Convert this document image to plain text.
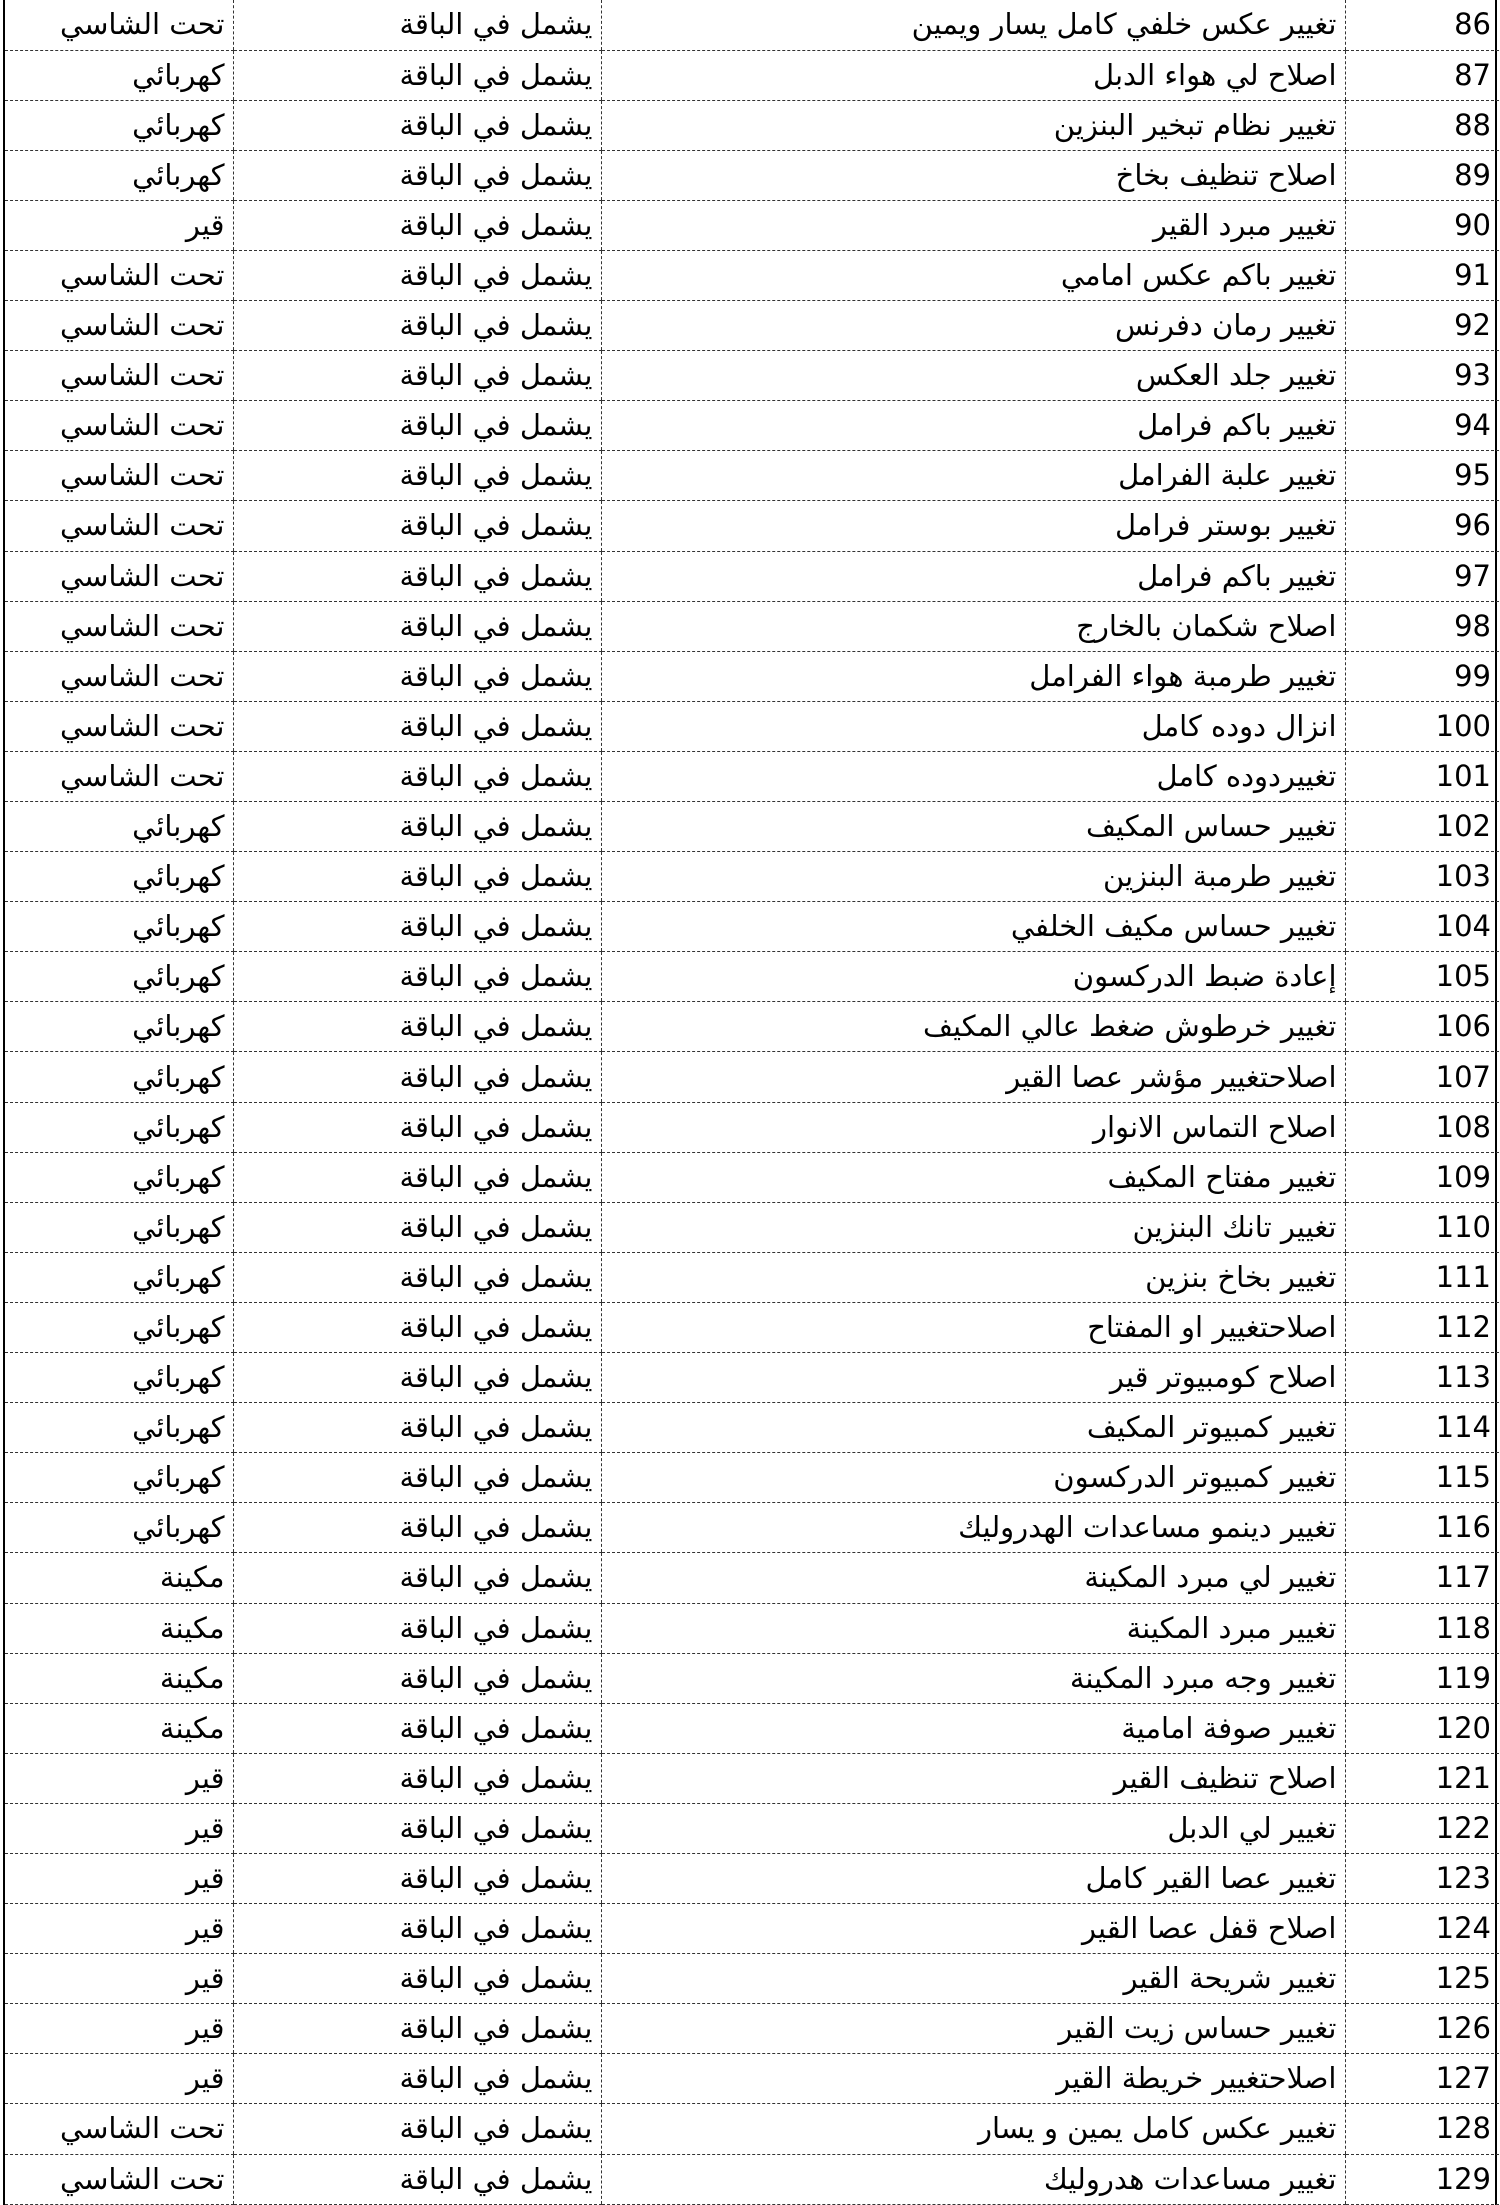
تحت الشاسي	يشمل في الباقة	تغيير عكس خلفي كامل يسار ويمين	86
كهربائي	يشمل في الباقة	اصلاح لي هواء الدبل	87
كهربائي	يشمل في الباقة	تغيير نظام تبخير البنزين	88
كهربائي	يشمل في الباقة	اصلاح تنظيف بخاخ	89
قير	يشمل في الباقة	تغيير مبرد القير	90
تحت الشاسي	يشمل في الباقة	تغيير باكم عكس امامي	91
تحت الشاسي	يشمل في الباقة	تغيير رمان دفرنس	92
تحت الشاسي	يشمل في الباقة	تغيير جلد العكس	93
تحت الشاسي	يشمل في الباقة	تغيير باكم فرامل	94
تحت الشاسي	يشمل في الباقة	تغيير علبة الفرامل	95
تحت الشاسي	يشمل في الباقة	تغيير بوستر فرامل	96
تحت الشاسي	يشمل في الباقة	تغيير باكم فرامل	97
تحت الشاسي	يشمل في الباقة	اصلاح شكمان بالخارج	98
تحت الشاسي	يشمل في الباقة	تغيير طرمبة هواء الفرامل	99
تحت الشاسي	يشمل في الباقة	انزال دوده كامل	100
تحت الشاسي	يشمل في الباقة	تغييردوده كامل	101
كهربائي	يشمل في الباقة	تغيير حساس المكيف	102
كهربائي	يشمل في الباقة	تغيير طرمبة البنزين	103
كهربائي	يشمل في الباقة	تغيير حساس مكيف الخلفي	104
كهربائي	يشمل في الباقة	إعادة ضبط الدركسون	105
كهربائي	يشمل في الباقة	تغيير خرطوش ضغط عالي المكيف	106
كهربائي	يشمل في الباقة	اصلاحتغيير مؤشر عصا القير	107
كهربائي	يشمل في الباقة	اصلاح التماس الانوار	108
كهربائي	يشمل في الباقة	تغيير مفتاح المكيف	109
كهربائي	يشمل في الباقة	تغيير تانك البنزين	110
كهربائي	يشمل في الباقة	تغيير بخاخ بنزين	111
كهربائي	يشمل في الباقة	اصلاحتغيير او المفتاح	112
كهربائي	يشمل في الباقة	اصلاح كومبيوتر قير	113
كهربائي	يشمل في الباقة	تغيير كمبيوتر المكيف	114
كهربائي	يشمل في الباقة	تغيير كمبيوتر الدركسون	115
كهربائي	يشمل في الباقة	تغيير دينمو مساعدات الهدروليك	116
مكينة	يشمل في الباقة	تغيير لي مبرد المكينة	117
مكينة	يشمل في الباقة	تغيير مبرد المكينة	118
مكينة	يشمل في الباقة	تغيير وجه مبرد المكينة	119
مكينة	يشمل في الباقة	تغيير صوفة امامية	120
قير	يشمل في الباقة	اصلاح تنظيف القير	121
قير	يشمل في الباقة	تغيير لي الدبل	122
قير	يشمل في الباقة	تغيير عصا القير كامل	123
قير	يشمل في الباقة	اصلاح قفل عصا القير	124
قير	يشمل في الباقة	تغيير شريحة القير	125
قير	يشمل في الباقة	تغيير حساس زيت القير	126
قير	يشمل في الباقة	اصلاحتغيير خريطة القير	127
تحت الشاسي	يشمل في الباقة	تغيير عكس كامل يمين و يسار	128
تحت الشاسي	يشمل في الباقة	تغيير مساعدات هدروليك	129
